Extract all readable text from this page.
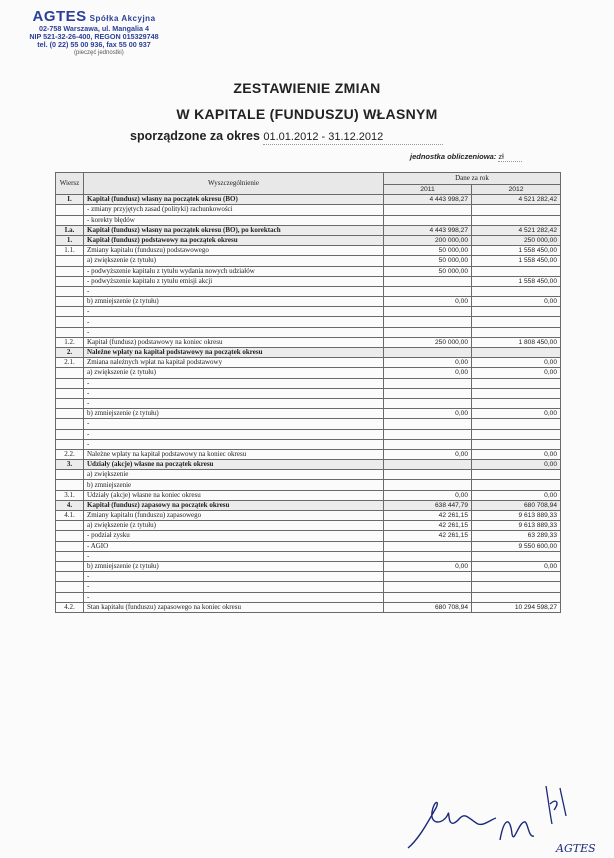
AGTES Spółka Akcyjna
02-758 Warszawa, ul. Mangalia 4
NIP 521-32-26-400, REGON 015329748
tel. (0 22) 55 00 936, fax 55 00 937
(pieczęć jednostki)
ZESTAWIENIE ZMIAN
W KAPITALE (FUNDUSZU) WŁASNYM
sporządzone za okres 01.01.2012 - 31.12.2012
jednostka obliczeniowa: zł
Wiersz	Wyszczególnienie	Dane za rok	
		2011	2012
I.	Kapitał (fundusz) własny na początek okresu (BO)	4 443 998,27	4 521 282,42
	- zmiany przyjętych zasad (polityki) rachunkowości		
	- korekty błędów		
I.a.	Kapitał (fundusz) własny na początek okresu (BO), po korektach	4 443 998,27	4 521 282,42
1.	Kapitał (fundusz) podstawowy na początek okresu	200 000,00	250 000,00
1.1.	Zmiany kapitału (funduszu) podstawowego	50 000,00	1 558 450,00
	a) zwiększenie (z tytułu)	50 000,00	1 558 450,00
	- podwyższenie kapitału z tytułu wydania nowych udziałów	50 000,00	
	- podwyższenie kapitału z tytułu emisji akcji		1 558 450,00
	-		
	b) zmniejszenie (z tytułu)	0,00	0,00
	-		
	-		
	-		
1.2.	Kapitał (fundusz) podstawowy na koniec okresu	250 000,00	1 808 450,00
2.	Należne wpłaty na kapitał podstawowy na początek okresu		
2.1.	Zmiana należnych wpłat na kapitał podstawowy	0,00	0,00
	a) zwiększenie (z tytułu)	0,00	0,00
	-		
	-		
	-		
	b) zmniejszenie (z tytułu)	0,00	0,00
	-		
	-		
	-		
2.2.	Należne wpłaty na kapitał podstawowy na koniec okresu	0,00	0,00
3.	Udziały (akcje) własne na początek okresu		0,00
	a) zwiększenie		
	b) zmniejszenie		
3.1.	Udziały (akcje) własne na koniec okresu	0,00	0,00
4.	Kapitał (fundusz) zapasowy na początek okresu	638 447,79	680 708,94
4.1.	Zmiany kapitału (funduszu) zapasowego	42 261,15	9 613 889,33
	a) zwiększenie (z tytułu)	42 261,15	9 613 889,33
	- podział zysku	42 261,15	63 289,33
	- AGIO		9 550 600,00
	-		
	b) zmniejszenie (z tytułu)	0,00	0,00
	-		
	-		
	-		
4.2.	Stan kapitału (funduszu) zapasowego na koniec okresu	680 708,94	10 294 598,27
AGTES
